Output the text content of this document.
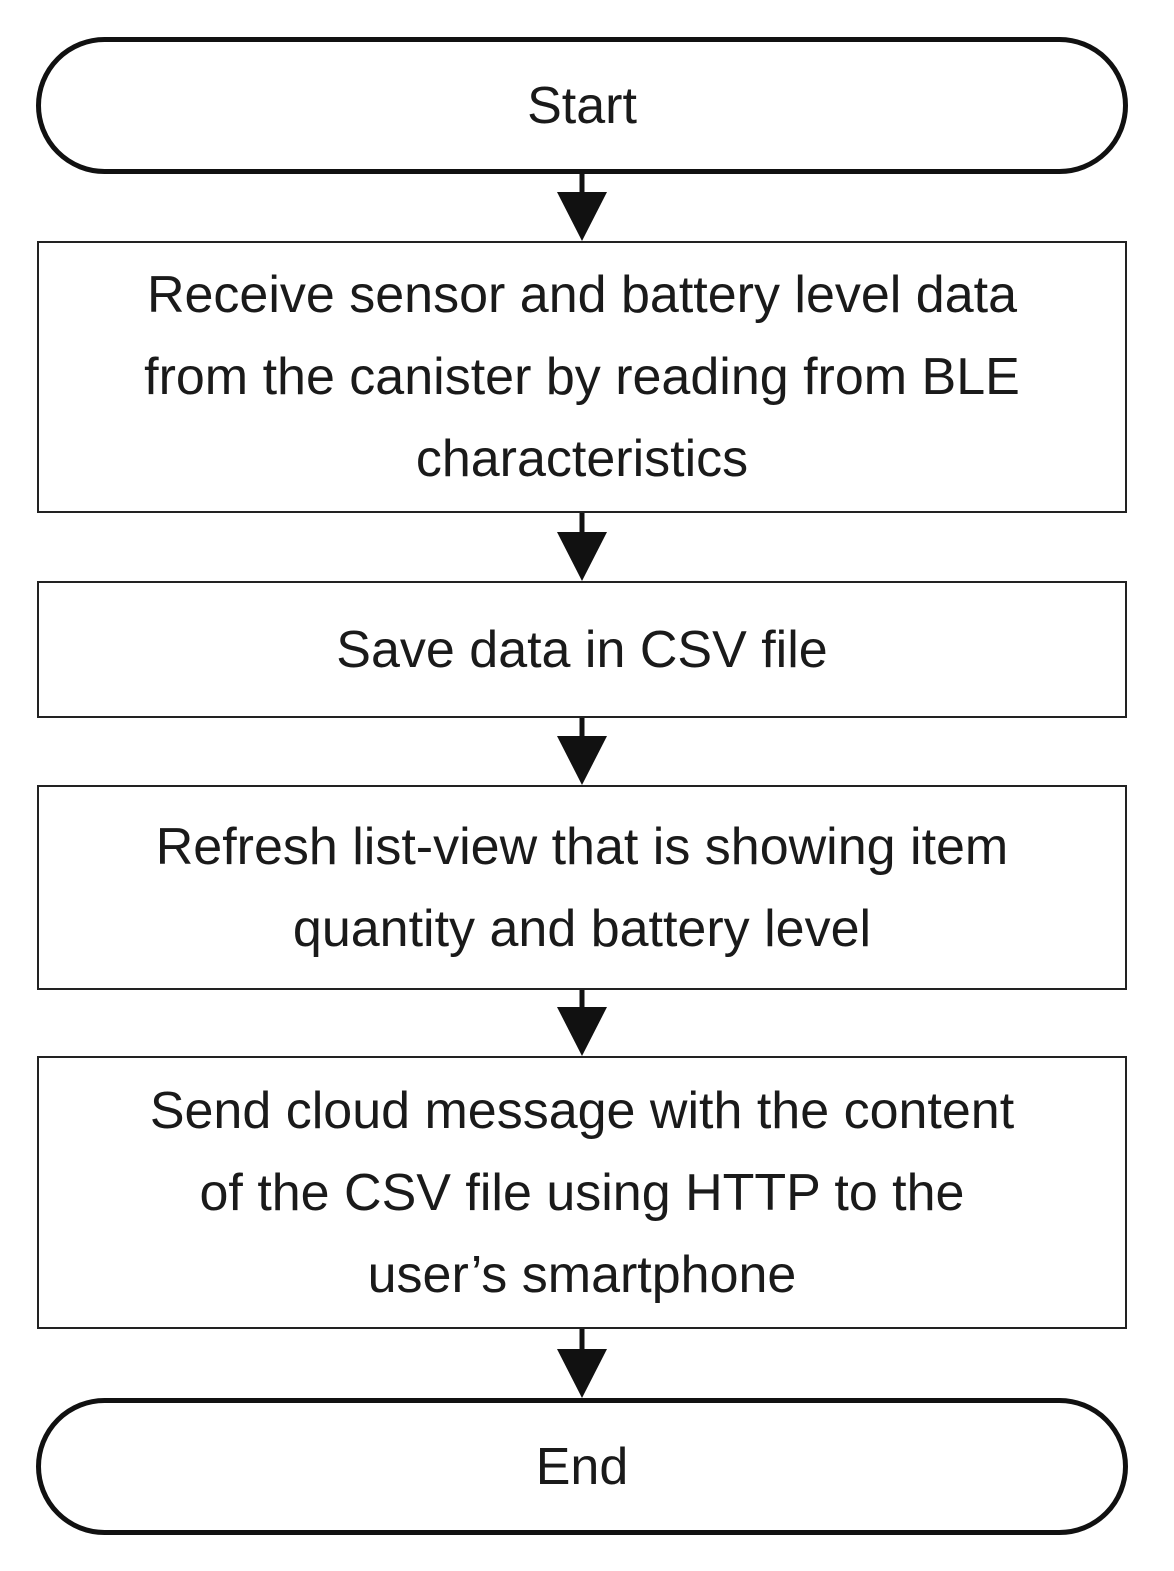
Start
Receive sensor and battery level data
from the canister by reading from BLE
characteristics
Save data in CSV file
Refresh list-view that is showing item
quantity and battery level
Send cloud message with the content
of the CSV file using HTTP to the
user’s smartphone
End
